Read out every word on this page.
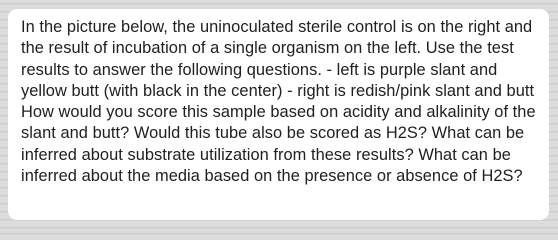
In the picture below, the uninoculated sterile control is on the right and the result of incubation of a single organism on the left. Use the test results to answer the following questions. - left is purple slant and yellow butt (with black in the center) - right is redish/pink slant and butt How would you score this sample based on acidity and alkalinity of the slant and butt? Would this tube also be scored as H2S? What can be inferred about substrate utilization from these results? What can be inferred about the media based on the presence or absence of H2S?
